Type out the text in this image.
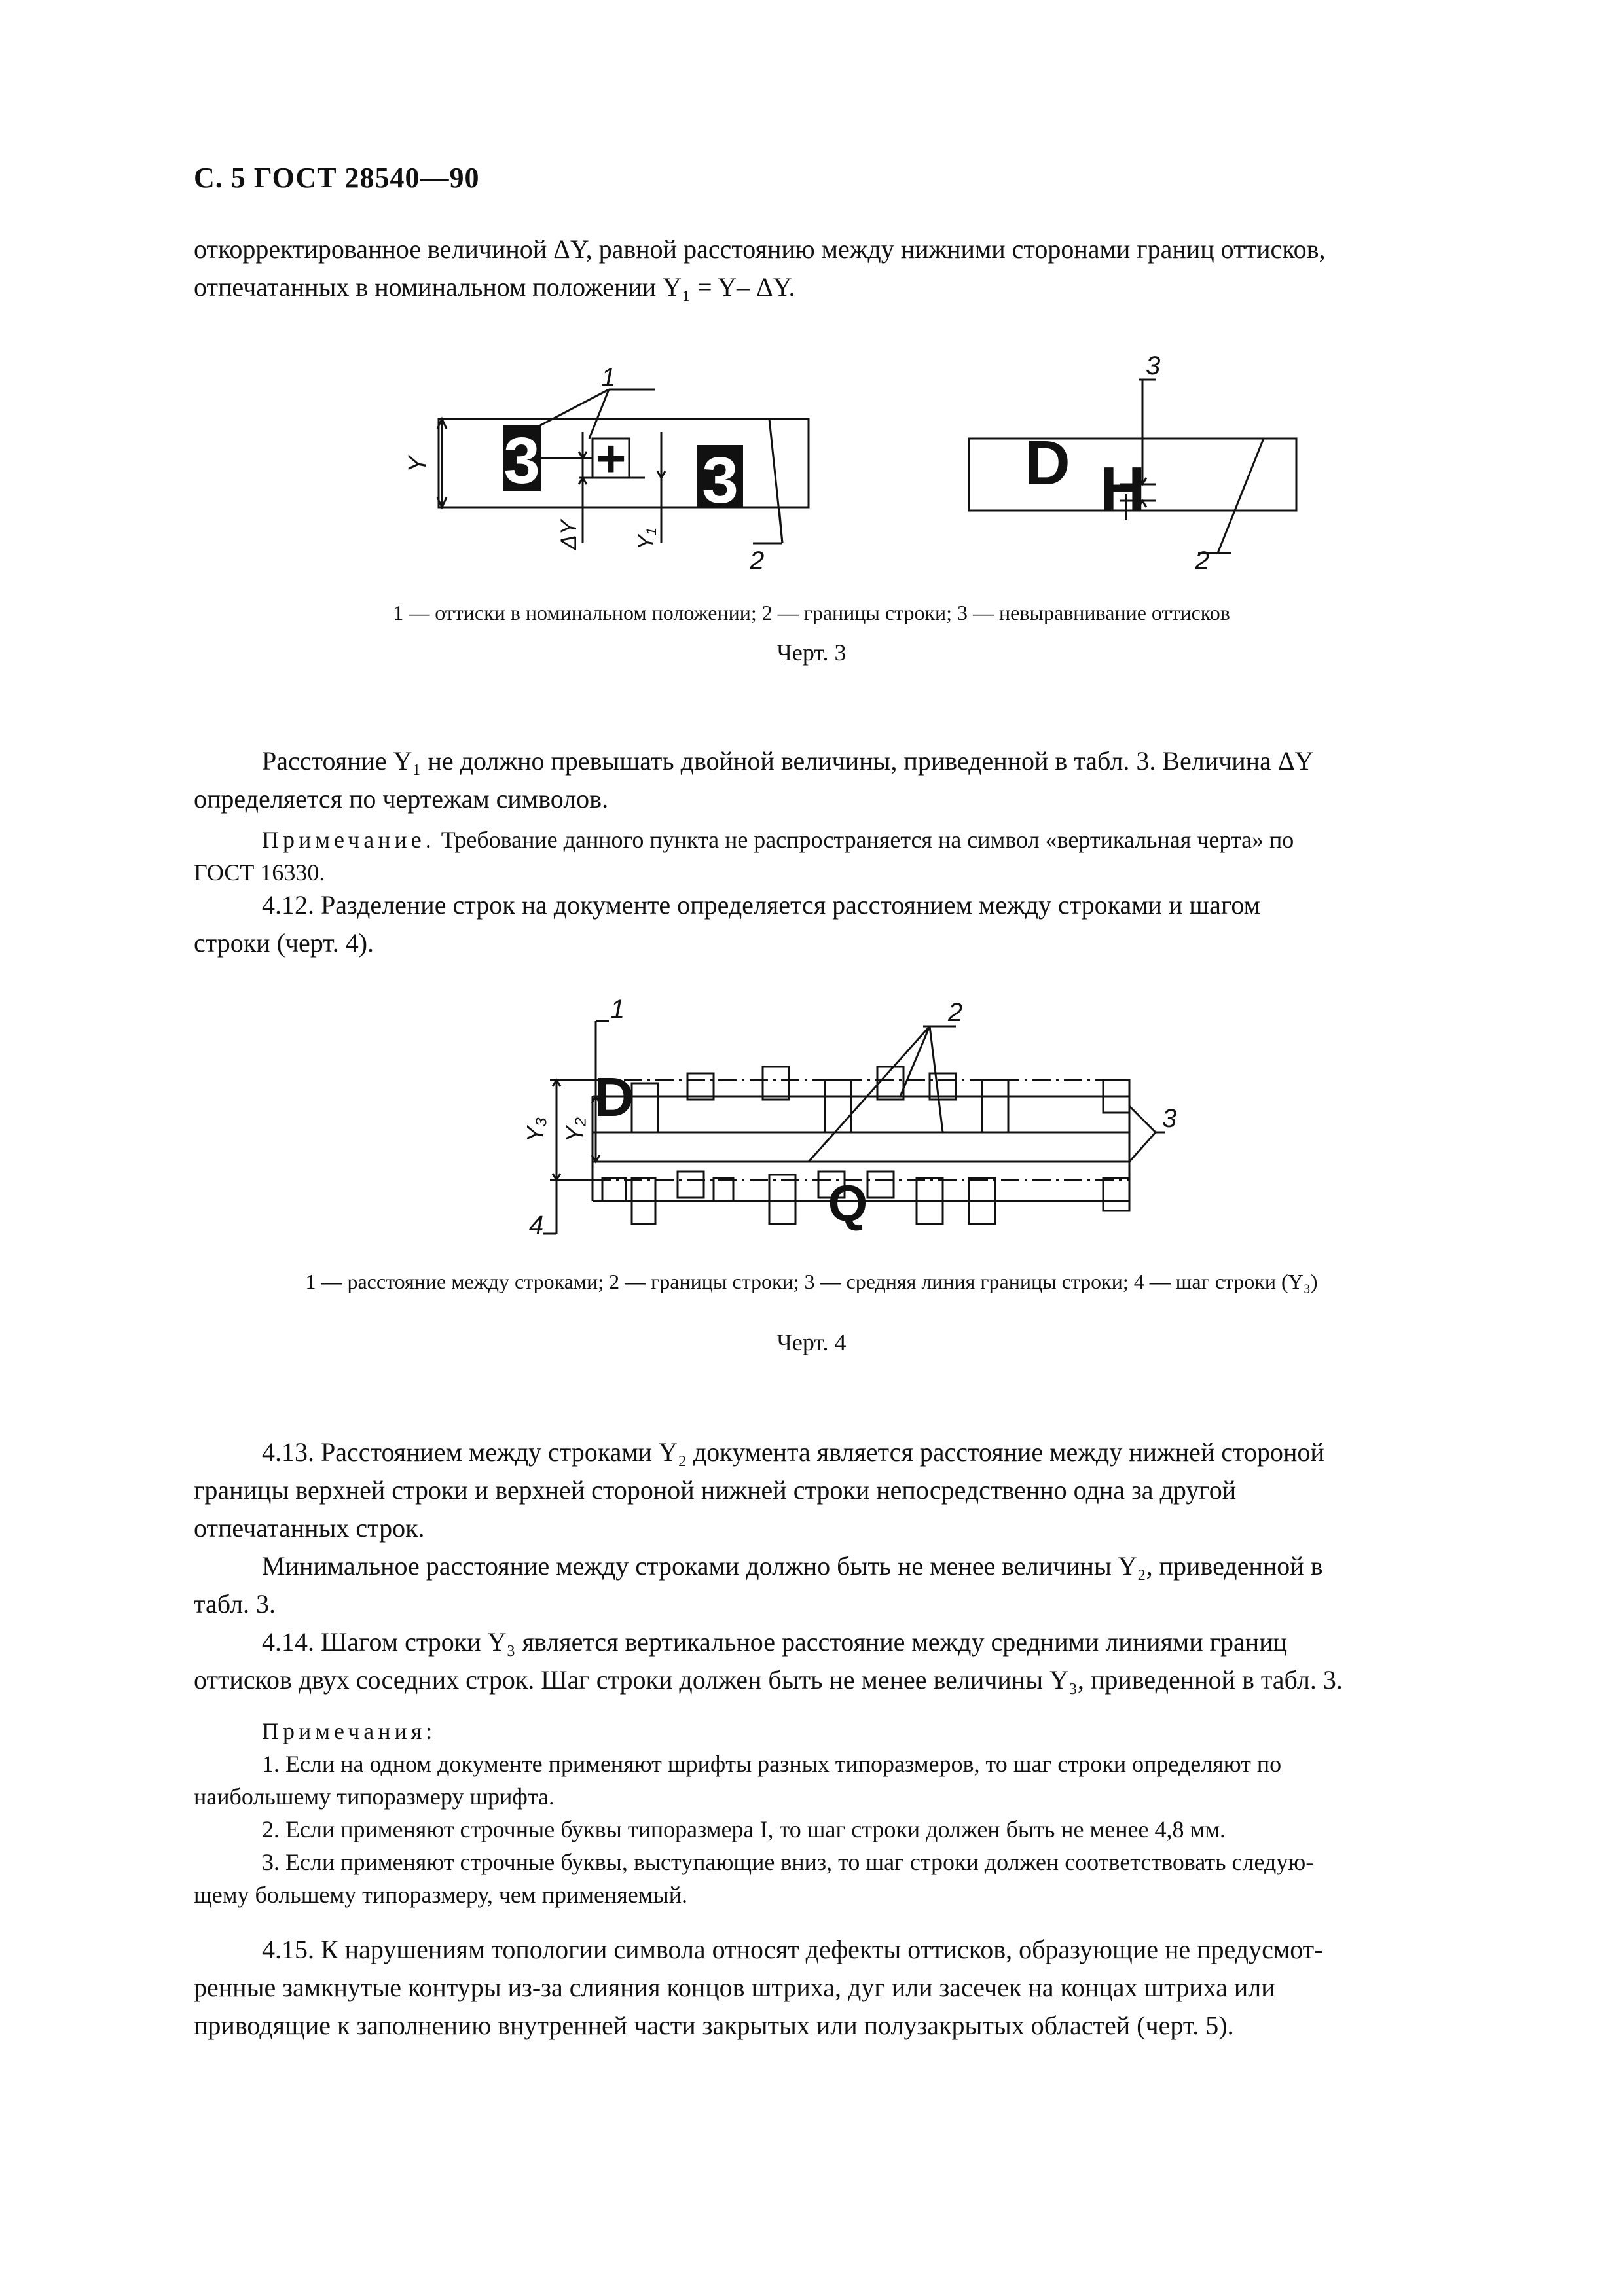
С. 5 ГОСТ 28540—90
откорректированное величиной ΔY, равной расстоянию между нижними сторонами границ оттисков,
отпечатанных в номинальном положении Y₁ = Y– ΔY.
3 + 3	D H
1
2
3
2
Y
ΔY Y₁
1 — оттиски в номинальном положении; 2 — границы строки; 3 — невыравнивание оттисков
Черт. 3
Расстояние Y₁ не должно превышать двойной величины, приведенной в табл. 3. Величина ΔY
определяется по чертежам символов.
Примечание. Требование данного пункта не распространяется на символ «вертикальная черта» по
ГОСТ 16330.
4.12. Разделение строк на документе определяется расстоянием между строками и шагом
строки (черт. 4).
D
Q
1	2
3
4
Y₂
Y₃
1 — расстояние между строками; 2 — границы строки; 3 — средняя линия границы строки; 4 — шаг строки (Y₃)
Черт. 4
4.13. Расстоянием между строками Y₂ документа является расстояние между нижней стороной
границы верхней строки и верхней стороной нижней строки непосредственно одна за другой
отпечатанных строк.
Минимальное расстояние между строками должно быть не менее величины Y₂, приведенной в
табл. 3.
4.14. Шагом строки Y₃ является вертикальное расстояние между средними линиями границ
оттисков двух соседних строк. Шаг строки должен быть не менее величины Y₃, приведенной в табл. 3.
Примечания:
1. Если на одном документе применяют шрифты разных типоразмеров, то шаг строки определяют по
наибольшему типоразмеру шрифта.
2. Если применяют строчные буквы типоразмера I, то шаг строки должен быть не менее 4,8 мм.
3. Если применяют строчные буквы, выступающие вниз, то шаг строки должен соответствовать следую-
щему большему типоразмеру, чем применяемый.
4.15. К нарушениям топологии символа относят дефекты оттисков, образующие не предусмот-
ренные замкнутые контуры из-за слияния концов штриха, дуг или засечек на концах штриха или
приводящие к заполнению внутренней части закрытых или полузакрытых областей (черт. 5).
